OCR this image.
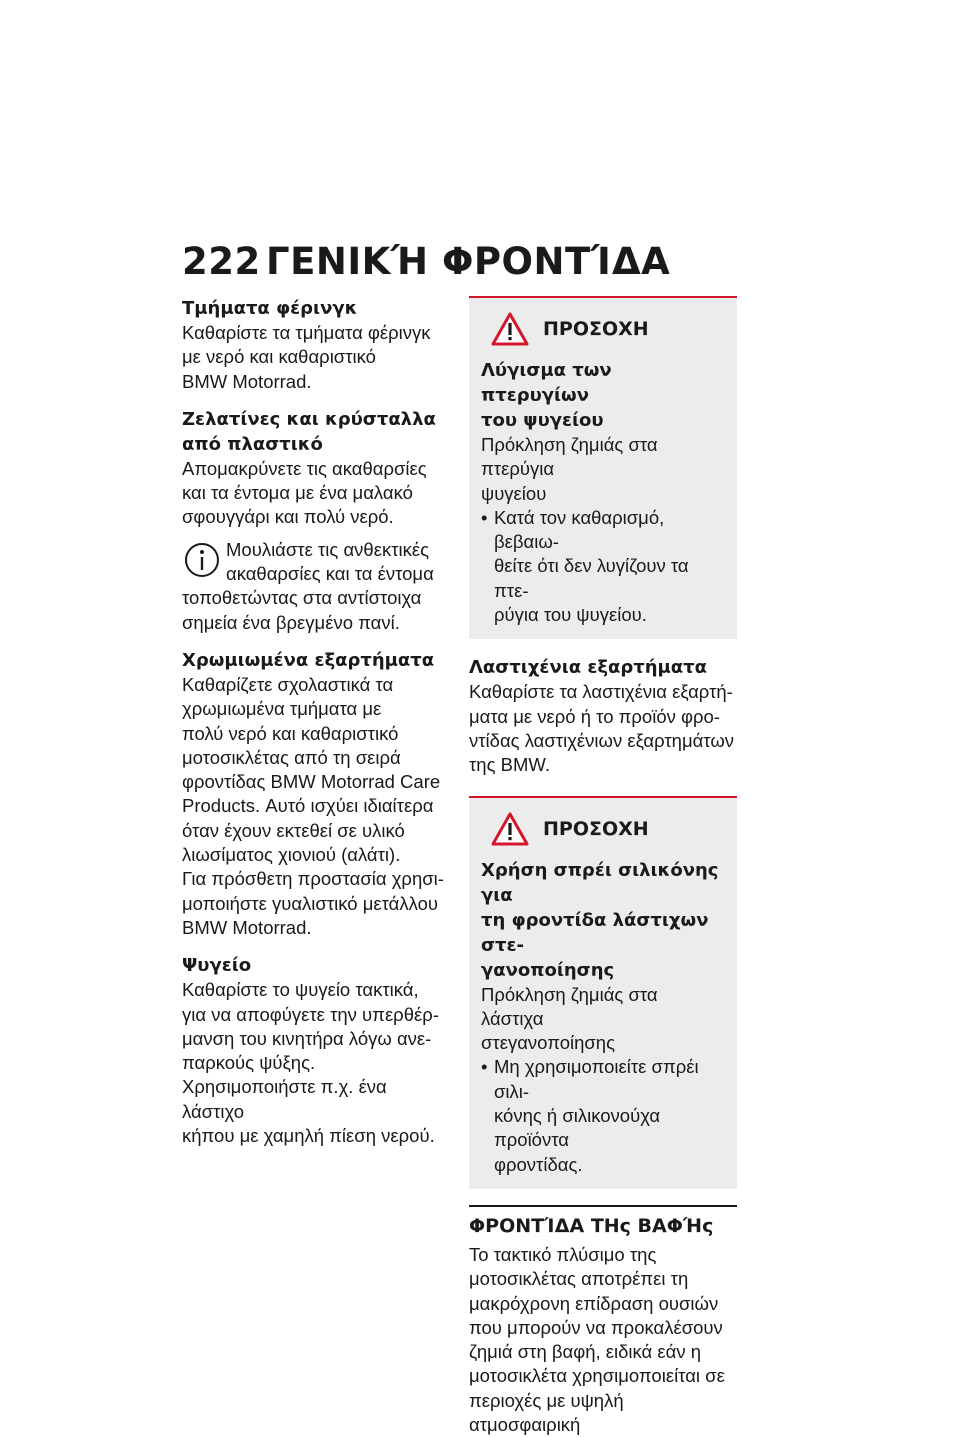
222 ΓΕΝΙΚΉ ΦΡΟΝΤΊΔΑ
Τμήματα φέρινγκ
Καθαρίστε τα τμήματα φέρινγκ
με νερό και καθαριστικό
BMW Motorrad.
Ζελατίνες και κρύσταλλα
από πλαστικό
Απομακρύνετε τις ακαθαρσίες
και τα έντομα με ένα μαλακό
σφουγγάρι και πολύ νερό.
Μουλιάστε τις ανθεκτικές
ακαθαρσίες και τα έντομα
τοποθετώντας στα αντίστοιχα
σημεία ένα βρεγμένο πανί.
Χρωμιωμένα εξαρτήματα
Καθαρίζετε σχολαστικά τα
χρωμιωμένα τμήματα με
πολύ νερό και καθαριστικό
μοτοσικλέτας από τη σειρά
φροντίδας BMW Motorrad Care
Products. Αυτό ισχύει ιδιαίτερα
όταν έχουν εκτεθεί σε υλικό
λιωσίματος χιονιού (αλάτι).
Για πρόσθετη προστασία χρησι-
μοποιήστε γυαλιστικό μετάλλου
BMW Motorrad.
Ψυγείο
Καθαρίστε το ψυγείο τακτικά,
για να αποφύγετε την υπερθέρ-
μανση του κινητήρα λόγω ανε-
παρκούς ψύξης.
Χρησιμοποιήστε π.χ. ένα λάστιχο
κήπου με χαμηλή πίεση νερού.
ΠΡΟΣΟΧΗ
Λύγισμα των πτερυγίων
του ψυγείου
Πρόκληση ζημιάς στα πτερύγια
ψυγείου
• Κατά τον καθαρισμό, βεβαιω-
θείτε ότι δεν λυγίζουν τα πτε-
ρύγια του ψυγείου.
Λαστιχένια εξαρτήματα
Καθαρίστε τα λαστιχένια εξαρτή-
ματα με νερό ή το προϊόν φρο-
ντίδας λαστιχένιων εξαρτημάτων
της BMW.
ΠΡΟΣΟΧΗ
Χρήση σπρέι σιλικόνης για
τη φροντίδα λάστιχων στε-
γανοποίησης
Πρόκληση ζημιάς στα λάστιχα
στεγανοποίησης
• Μη χρησιμοποιείτε σπρέι σιλι-
κόνης ή σιλικονούχα προϊόντα
φροντίδας.
ΦΡΟΝΤΊΔΑ ΤΗς ΒΑΦΉς
Το τακτικό πλύσιμο της
μοτοσικλέτας αποτρέπει τη
μακρόχρονη επίδραση ουσιών
που μπορούν να προκαλέσουν
ζημιά στη βαφή, ειδικά εάν η
μοτοσικλέτα χρησιμοποιείται σε
περιοχές με υψηλή ατμοσφαιρική
